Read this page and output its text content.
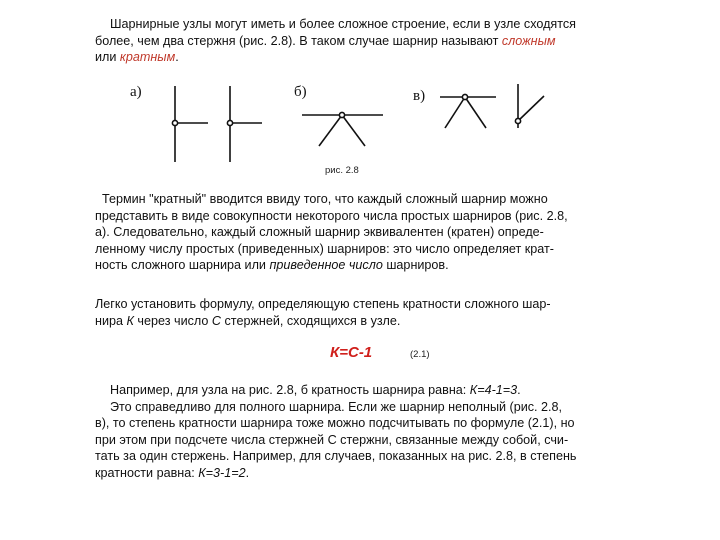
Шарнирные узлы могут иметь и более сложное строение, если в узле сходятся
более, чем два стержня (рис. 2.8). В таком случае шарнир называют сложным
или кратным.
а)	б)	в)
рис. 2.8
Термин "кратный" вводится ввиду того, что каждый сложный шарнир можно
представить в виде совокупности некоторого числа простых шарниров (рис. 2.8,
а). Следовательно, каждый сложный шарнир эквивалентен (кратен) опреде-
ленному числу простых (приведенных) шарниров: это число определяет крат-
ность сложного шарнира или приведенное число шарниров.
Легко установить формулу, определяющую степень кратности сложного шар-
нира К через число С стержней, сходящихся в узле.
К=С-1	(2.1)
Например, для узла на рис. 2.8, б кратность шарнира равна: К=4-1=3.
Это справедливо для полного шарнира. Если же шарнир неполный (рис. 2.8,
в), то степень кратности шарнира тоже можно подсчитывать по формуле (2.1), но
при этом при подсчете числа стержней С стержни, связанные между собой, счи-
тать за один стержень. Например, для случаев, показанных на рис. 2.8, в степень
кратности равна: К=3-1=2.
